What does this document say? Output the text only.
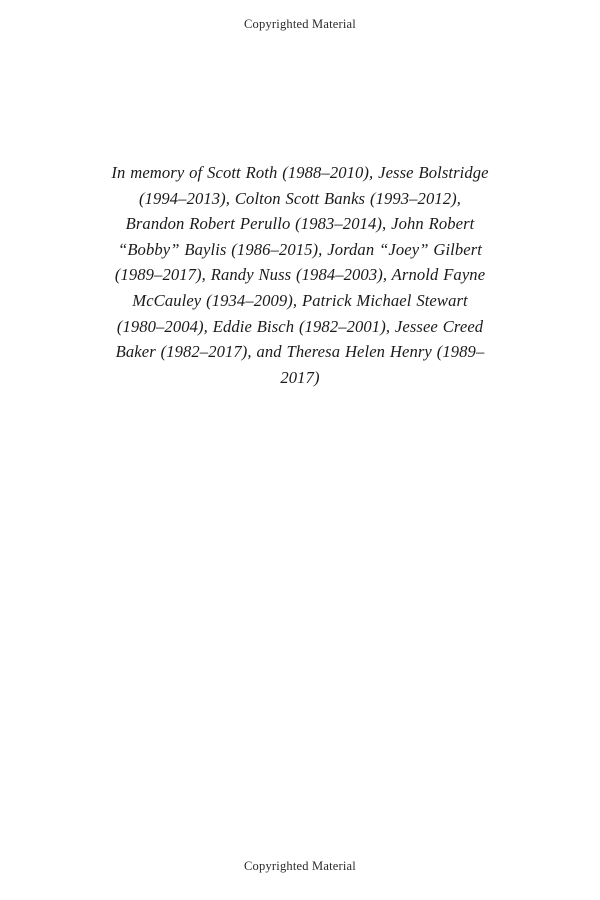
Copyrighted Material
In memory of Scott Roth (1988–2010), Jesse Bolstridge (1994–2013), Colton Scott Banks (1993–2012), Brandon Robert Perullo (1983–2014), John Robert “Bobby” Baylis (1986–2015), Jordan “Joey” Gilbert (1989–2017), Randy Nuss (1984–2003), Arnold Fayne McCauley (1934–2009), Patrick Michael Stewart (1980–2004), Eddie Bisch (1982–2001), Jessee Creed Baker (1982–2017), and Theresa Helen Henry (1989–2017)
Copyrighted Material
